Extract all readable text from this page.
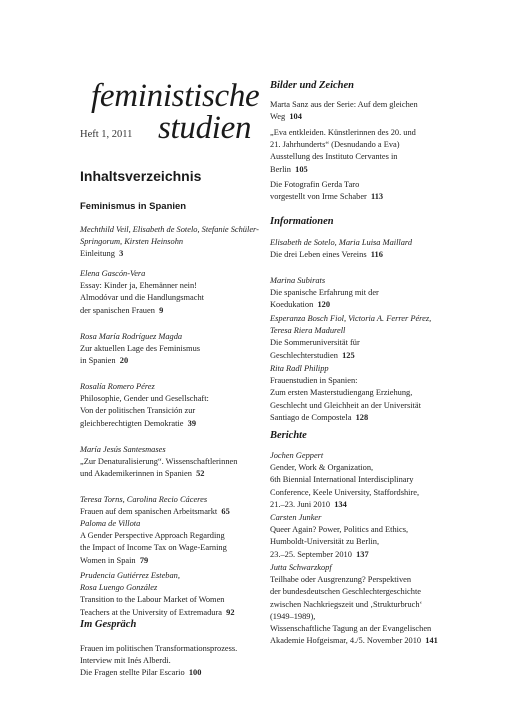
feministische
studien
Heft 1, 2011
Inhaltsverzeichnis
Feminismus in Spanien
Mechthild Veil, Elisabeth de Sotelo, Stefanie Schüler-
Springorum, Kirsten Heinsohn
Einleitung  3
Elena Gascón-Vera
Essay: Kinder ja, Ehemänner nein!
Almodóvar und die Handlungsmacht
der spanischen Frauen  9
Rosa María Rodríguez Magda
Zur aktuellen Lage des Feminismus
in Spanien  20
Rosalía Romero Pérez
Philosophie, Gender und Gesellschaft:
Von der politischen Transición zur
gleichberechtigten Demokratie  39
María Jesús Santesmases
„Zur Denaturalisierung“. Wissenschaftlerinnen
und Akademikerinnen in Spanien  52
Teresa Torns, Carolina Recio Cáceres
Frauen auf dem spanischen Arbeitsmarkt  65
Paloma de Villota
A Gender Perspective Approach Regarding
the Impact of Income Tax on Wage-Earning
Women in Spain  79
Prudencia Gutiérrez Esteban,
Rosa Luengo González
Transition to the Labour Market of Women
Teachers at the University of Extremadura  92
Im Gespräch
Frauen im politischen Transformationsprozess.
Interview mit Inés Alberdi.
Die Fragen stellte Pilar Escario  100
Bilder und Zeichen
Marta Sanz aus der Serie: Auf dem gleichen
Weg  104
„Eva entkleiden. Künstlerinnen des 20. und
21. Jahrhunderts“ (Desnudando a Eva)
Ausstellung des Instituto Cervantes in
Berlin  105
Die Fotografin Gerda Taro
vorgestellt von Irme Schaber  113
Informationen
Elisabeth de Sotelo, Maria Luisa Maillard
Die drei Leben eines Vereins  116
Marina Subirats
Die spanische Erfahrung mit der
Koedukation  120
Esperanza Bosch Fiol, Victoria A. Ferrer Pérez,
Teresa Riera Madurell
Die Sommeruniversität für
Geschlechterstudien  125
Rita Radl Philipp
Frauenstudien in Spanien:
Zum ersten Masterstudiengang Erziehung,
Geschlecht und Gleichheit an der Universität
Santiago de Compostela  128
Berichte
Jochen Geppert
Gender, Work & Organization,
6th Biennial International Interdisciplinary
Conference, Keele University, Staffordshire,
21.–23. Juni 2010  134
Carsten Junker
Queer Again? Power, Politics and Ethics,
Humboldt-Universität zu Berlin,
23.–25. September 2010  137
Jutta Schwarzkopf
Teilhabe oder Ausgrenzung? Perspektiven
der bundesdeutschen Geschlechtergeschichte
zwischen Nachkriegszeit und ‚Strukturbruch‘
(1949–1989),
Wissenschaftliche Tagung an der Evangelischen
Akademie Hofgeismar, 4./5. November 2010  141
